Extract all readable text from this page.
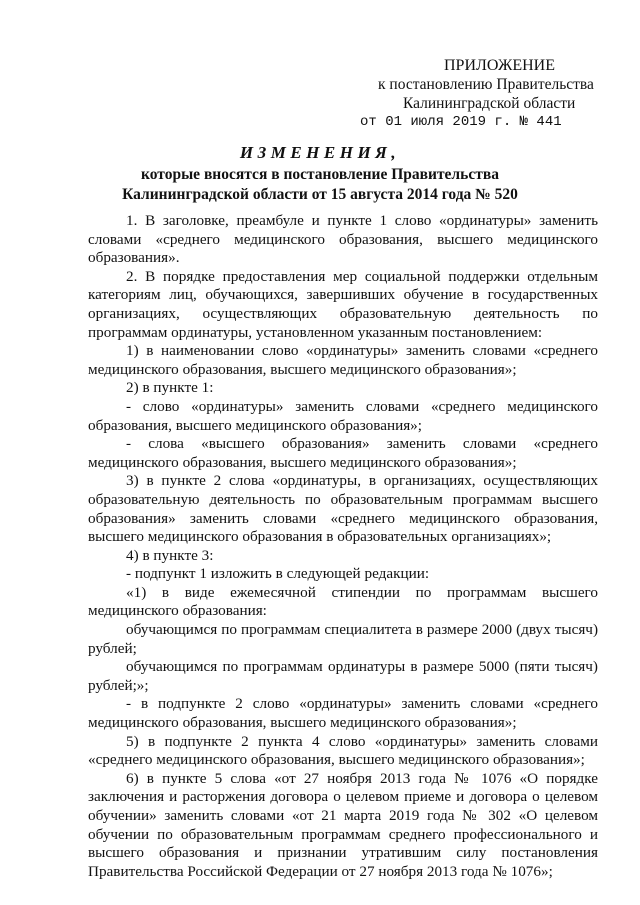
ПРИЛОЖЕНИЕ
к постановлению Правительства
Калининградской области
от 01 июля 2019 г. № 441
ИЗМЕНЕНИЯ,
которые вносятся в постановление Правительства
Калининградской области от 15 августа 2014 года № 520

1. В заголовке, преамбуле и пункте 1 слово «ординатуры» заменить словами «среднего медицинского образования, высшего медицинского образования».

2. В порядке предоставления мер социальной поддержки отдельным категориям лиц, обучающихся, завершивших обучение в государственных организациях, осуществляющих образовательную деятельность по программам ординатуры, установленном указанным постановлением:

1) в наименовании слово «ординатуры» заменить словами «среднего медицинского образования, высшего медицинского образования»;

2) в пункте 1:

- слово «ординатуры» заменить словами «среднего медицинского образования, высшего медицинского образования»;

- слова «высшего образования» заменить словами «среднего медицинского образования, высшего медицинского образования»;

3) в пункте 2 слова «ординатуры, в организациях, осуществляющих образовательную деятельность по образовательным программам высшего образования» заменить словами «среднего медицинского образования, высшего медицинского образования в образовательных организациях»;

4) в пункте 3:

- подпункт 1 изложить в следующей редакции:

«1) в виде ежемесячной стипендии по программам высшего медицинского образования:

обучающимся по программам специалитета в размере 2000 (двух тысяч) рублей;

обучающимся по программам ординатуры в размере 5000 (пяти тысяч) рублей;»;

- в подпункте 2 слово «ординатуры» заменить словами «среднего медицинского образования, высшего медицинского образования»;

5) в подпункте 2 пункта 4 слово «ординатуры» заменить словами «среднего медицинского образования, высшего медицинского образования»;

6) в пункте 5 слова «от 27 ноября 2013 года № 1076 «О порядке заключения и расторжения договора о целевом приеме и договора о целевом обучении» заменить словами «от 21 марта 2019 года № 302 «О целевом обучении по образовательным программам среднего профессионального и высшего образования и признании утратившим силу постановления Правительства Российской Федерации от 27 ноября 2013 года № 1076»;
